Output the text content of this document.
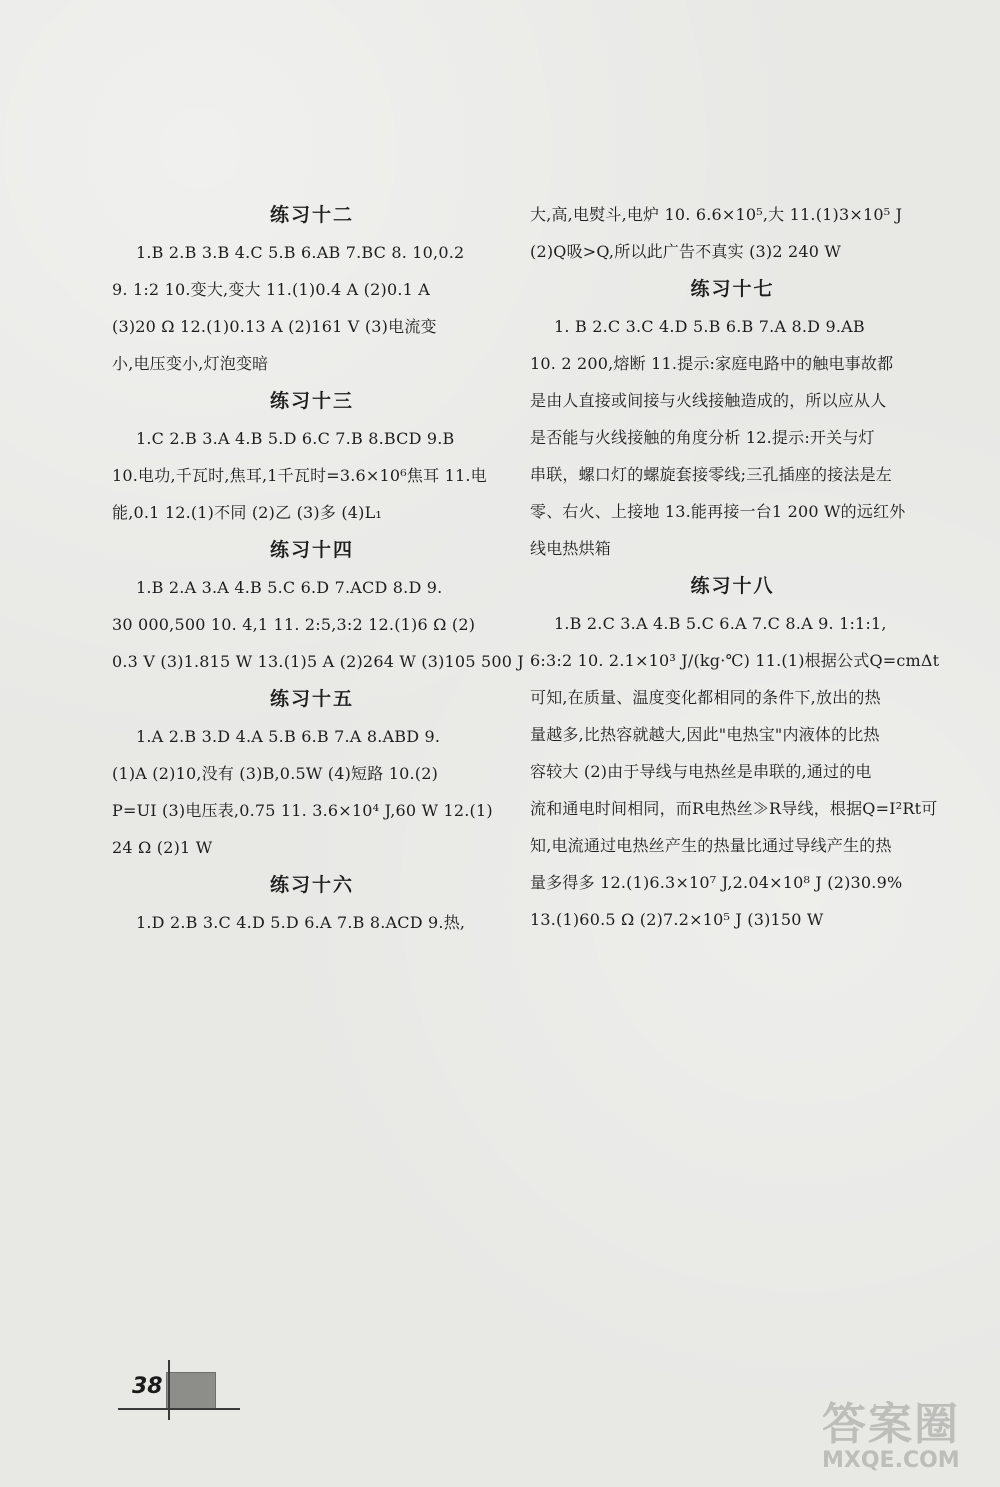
练习十二
1.B 2.B 3.B 4.C 5.B 6.AB 7.BC 8. 10,0.2
9. 1:2 10.变大,变大 11.(1)0.4 A (2)0.1 A
(3)20 Ω 12.(1)0.13 A (2)161 V (3)电流变
小,电压变小,灯泡变暗
练习十三
1.C 2.B 3.A 4.B 5.D 6.C 7.B 8.BCD 9.B
10.电功,千瓦时,焦耳,1千瓦时=3.6×10⁶焦耳 11.电
能,0.1 12.(1)不同 (2)乙 (3)多 (4)L₁
练习十四
1.B 2.A 3.A 4.B 5.C 6.D 7.ACD 8.D 9.
30 000,500 10. 4,1 11. 2:5,3:2 12.(1)6 Ω (2)
0.3 V (3)1.815 W 13.(1)5 A (2)264 W (3)105 500 J
练习十五
1.A 2.B 3.D 4.A 5.B 6.B 7.A 8.ABD 9.
(1)A (2)10,没有 (3)B,0.5W (4)短路 10.(2)
P=UI (3)电压表,0.75 11. 3.6×10⁴ J,60 W 12.(1)
24 Ω (2)1 W
练习十六
1.D 2.B 3.C 4.D 5.D 6.A 7.B 8.ACD 9.热,
大,高,电熨斗,电炉 10. 6.6×10⁵,大 11.(1)3×10⁵ J
(2)Q吸>Q,所以此广告不真实 (3)2 240 W
练习十七
1. B 2.C 3.C 4.D 5.B 6.B 7.A 8.D 9.AB
10. 2 200,熔断 11.提示:家庭电路中的触电事故都
是由人直接或间接与火线接触造成的，所以应从人
是否能与火线接触的角度分析 12.提示:开关与灯
串联，螺口灯的螺旋套接零线;三孔插座的接法是左
零、右火、上接地 13.能再接一台1 200 W的远红外
线电热烘箱
练习十八
1.B 2.C 3.A 4.B 5.C 6.A 7.C 8.A 9. 1:1:1,
6:3:2 10. 2.1×10³ J/(kg·℃) 11.(1)根据公式Q=cmΔt
可知,在质量、温度变化都相同的条件下,放出的热
量越多,比热容就越大,因此"电热宝"内液体的比热
容较大 (2)由于导线与电热丝是串联的,通过的电
流和通电时间相同，而R电热丝≫R导线，根据Q=I²Rt可
知,电流通过电热丝产生的热量比通过导线产生的热
量多得多 12.(1)6.3×10⁷ J,2.04×10⁸ J (2)30.9%
13.(1)60.5 Ω (2)7.2×10⁵ J (3)150 W
38
答案圈
MXQE.COM
